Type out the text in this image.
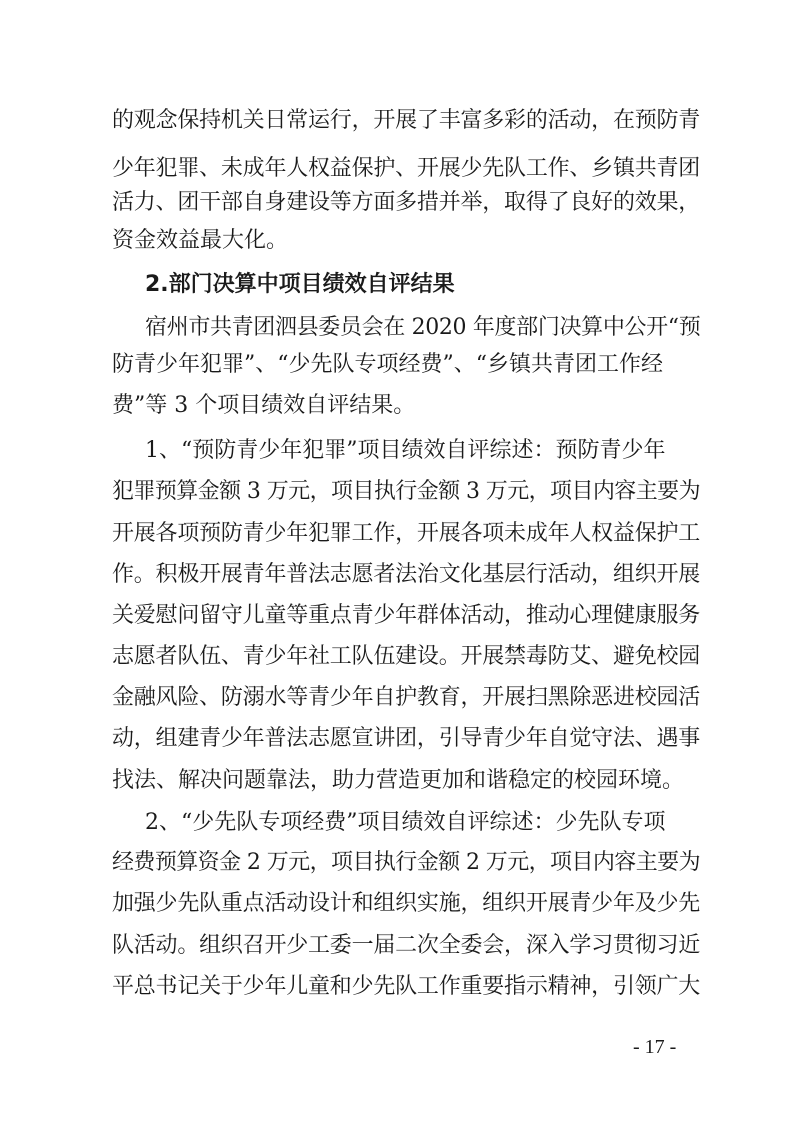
的观念保持机关日常运行，开展了丰富多彩的活动，在预防青
少年犯罪、未成年人权益保护、开展少先队工作、乡镇共青团
活力、团干部自身建设等方面多措并举，取得了良好的效果，
资金效益最大化。
2.部门决算中项目绩效自评结果
宿州市共青团泗县委员会在 2020 年度部门决算中公开“预
防青少年犯罪”、“少先队专项经费”、“乡镇共青团工作经
费”等 3 个项目绩效自评结果。
1、“预防青少年犯罪”项目绩效自评综述：预防青少年
犯罪预算金额 3 万元，项目执行金额 3 万元，项目内容主要为
开展各项预防青少年犯罪工作，开展各项未成年人权益保护工
作。积极开展青年普法志愿者法治文化基层行活动，组织开展
关爱慰问留守儿童等重点青少年群体活动，推动心理健康服务
志愿者队伍、青少年社工队伍建设。开展禁毒防艾、避免校园
金融风险、防溺水等青少年自护教育，开展扫黑除恶进校园活
动，组建青少年普法志愿宣讲团，引导青少年自觉守法、遇事
找法、解决问题靠法，助力营造更加和谐稳定的校园环境。
2、“少先队专项经费”项目绩效自评综述：少先队专项
经费预算资金 2 万元，项目执行金额 2 万元，项目内容主要为
加强少先队重点活动设计和组织实施，组织开展青少年及少先
队活动。组织召开少工委一届二次全委会，深入学习贯彻习近
平总书记关于少年儿童和少先队工作重要指示精神，引领广大
- 17 -
